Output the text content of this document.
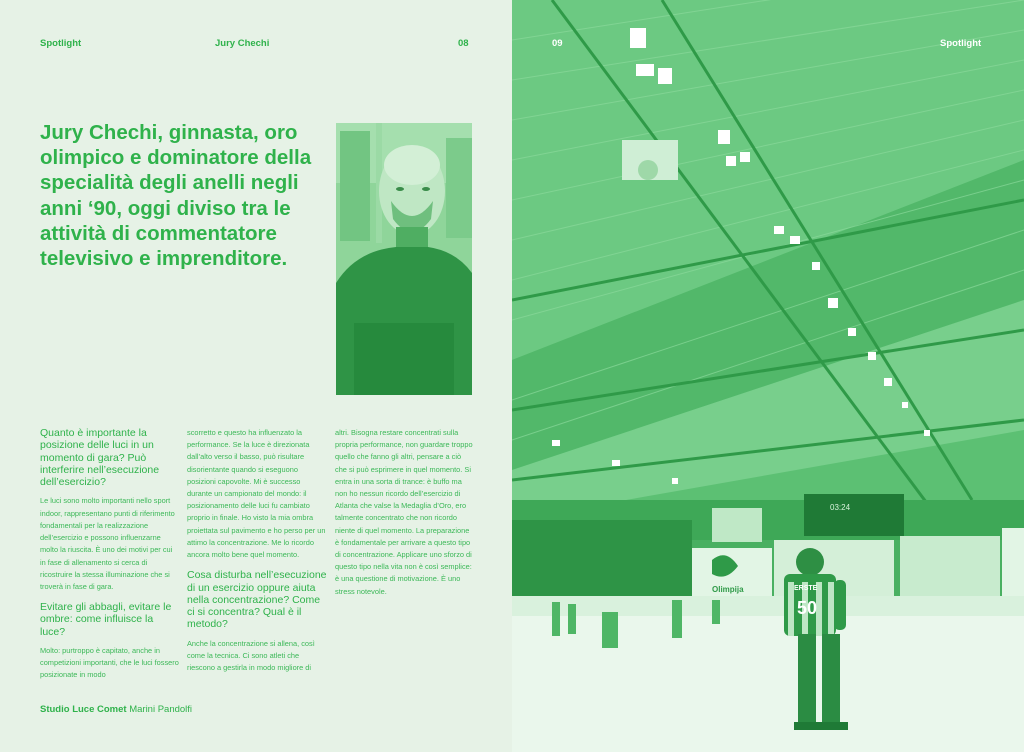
Spotlight	Jury Chechi	08
Jury Chechi, ginnasta, oro olimpico e dominatore della specialità degli anelli negli anni ‘90, oggi diviso tra le attività di commentatore televisivo e imprenditore.
Quanto è importante la posizione delle luci in un momento di gara? Può interferire nell’esecuzione dell’esercizio?
Le luci sono molto importanti nello sport indoor, rappresentano punti di riferimento fondamentali per la realizzazione dell’esercizio e possono influenzarne molto la riuscita. È uno dei motivi per cui in fase di allenamento si cerca di ricostruire la stessa illuminazione che si troverà in fase di gara.
Evitare gli abbagli, evitare le ombre: come influisce la luce?
Molto: purtroppo è capitato, anche in competizioni importanti, che le luci fossero posizionate in modo
scorretto e questo ha influenzato la performance. Se la luce è direzionata dall’alto verso il basso, può risultare disorientante quando si eseguono posizioni capovolte. Mi è successo durante un campionato del mondo: il posizionamento delle luci fu cambiato proprio in finale. Ho visto la mia ombra proiettata sul pavimento e ho perso per un attimo la concentrazione. Me lo ricordo ancora molto bene quel momento.
Cosa disturba nell’esecuzione di un esercizio oppure aiuta nella concentrazione? Come ci si concentra? Qual è il metodo?
Anche la concentrazione si allena, così come la tecnica. Ci sono atleti che riescono a gestirla in modo migliore di
altri. Bisogna restare concentrati sulla propria performance, non guardare troppo quello che fanno gli altri, pensare a ciò che si può esprimere in quel momento. Si entra in una sorta di trance: è buffo ma non ho nessun ricordo dell’esercizio di Atlanta che valse la Medaglia d’Oro, ero talmente concentrato che non ricordo niente di quel momento. La preparazione è fondamentale per arrivare a questo tipo di concentrazione. Applicare uno sforzo di questo tipo nella vita non è così semplice: è una questione di motivazione. È uno stress notevole.
Studio Luce Comet Marini Pandolfi
03:24
Olimpija	ERSTE
50
09	Spotlight
